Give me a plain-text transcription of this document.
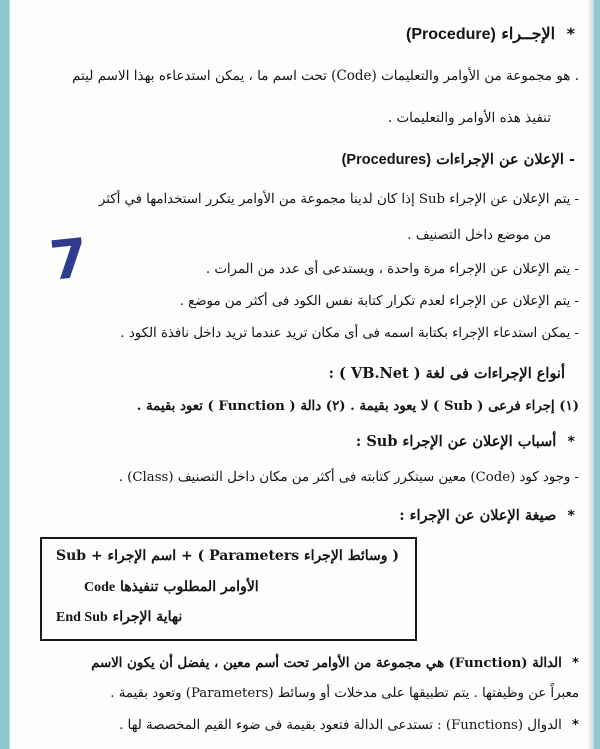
* الإجــراء (Procedure)
. هو مجموعة من الأوامر والتعليمات (Code) تحت اسم ما ، يمكن استدعاءه بهذا الاسم ليتم
تنفيذ هذه الأوامر والتعليمات .
- الإعلان عن الإجراءات (Procedures)
- يتم الإعلان عن الإجراء Sub إذا كان لدينا مجموعة من الأوامر يتكرر استخدامها في أكثر
من موضع داخل التصنيف .
- يتم الإعلان عن الإجراء مرة واحدة ، ويستدعى أى عدد من المرات .
- يتم الإعلان عن الإجراء لعدم تكرار كتابة نفس الكود فى أكثر من موضع .
- يمكن استدعاء الإجراء بكتابة اسمه فى أى مكان تريد عندما تريد داخل نافذة الكود .
أنواع الإجراءات فى لغة ( VB.Net ) :
(١) إجراء فرعى ( Sub ) لا يعود بقيمة . (٢) دالة ( Function ) تعود بقيمة .
* أسباب الإعلان عن الإجراء Sub :
- وجود كود (Code) معين سيتكرر كتابته فى أكثر من مكان داخل التصنيف (Class) .
* صيغة الإعلان عن الإجراء :
( وسائط الإجراء Parameters ) + اسم الإجراء + Sub
الأوامر المطلوب تنفيذها Code
نهاية الإجراء End Sub
* الدالة (Function) هي مجموعة من الأوامر تحت أسم معين ، يفضل أن يكون الاسم
معبراً عن وظيفتها . يتم تطبيقها على مدخلات أو وسائط (Parameters) وتعود بقيمة .
* الدوال (Functions) : تستدعى الدالة فتعود بقيمة فى ضوء القيم المخصصة لها .
7
